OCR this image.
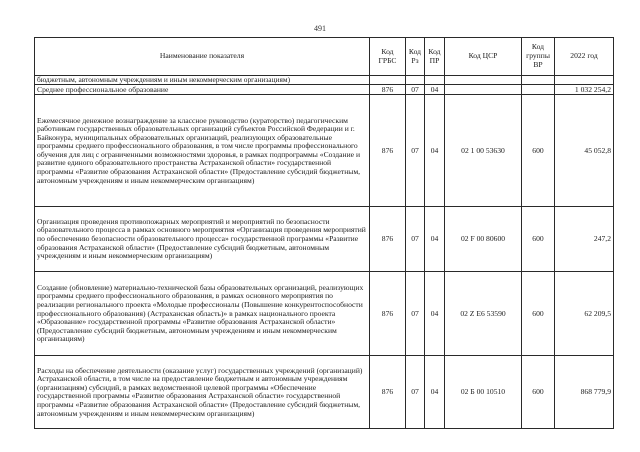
491
Наименование показателя	Код ГРБС	Код Рз	Код ПР	Код ЦСР	Код группы ВР	2022 год
бюджетным, автономным учреждениям и иным некоммерческим организациям)						
Среднее профессиональное образование	876	07	04			1 032 254,2
Ежемесячное денежное вознаграждение за классное руководство (кураторство) педагогическим работникам государственных образовательных организаций субъектов Российской Федерации и г. Байконура, муниципальных образовательных организаций, реализующих образовательные программы среднего профессионального образования, в том числе программы профессионального обучения для лиц с ограниченными возможностями здоровья, в рамках подпрограммы «Создание и развитие единого образовательного пространства Астраханской области» государственной программы «Развитие образования Астраханской области» (Предоставление субсидий бюджетным, автономным учреждениям и иным некоммерческим организациям)	876	07	04	02 1 00 53630	600	45 052,8
Организация проведения противопожарных мероприятий и мероприятий по безопасности образовательного процесса в рамках основного мероприятия «Организация проведения мероприятий по обеспечению безопасности образовательного процесса» государственной программы «Развитие образования Астраханской области» (Предоставление субсидий бюджетным, автономным учреждениям и иным некоммерческим организациям)	876	07	04	02 F 00 80600	600	247,2
Создание (обновление) материально-технической базы образовательных организаций, реализующих программы среднего профессионального образования, в рамках основного мероприятия по реализации регионального проекта «Молодые профессионалы (Повышение конкурентоспособности профессионального образования) (Астраханская область)» в рамках национального проекта «Образование» государственной программы «Развитие образования Астраханской области» (Предоставление субсидий бюджетным, автономным учреждениям и иным некоммерческим организациям)	876	07	04	02 Z E6 53590	600	62 209,5
Расходы на обеспечение деятельности (оказание услуг) государственных учреждений (организаций) Астраханской области, в том числе на предоставление бюджетным и автономным учреждениям (организациям) субсидий, в рамках ведомственной целевой программы «Обеспечение государственной программы «Развитие образования Астраханской области» государственной программы «Развитие образования Астраханской области» (Предоставление субсидий бюджетным, автономным учреждениям и иным некоммерческим организациям)	876	07	04	02 Б 00 10510	600	868 779,9
